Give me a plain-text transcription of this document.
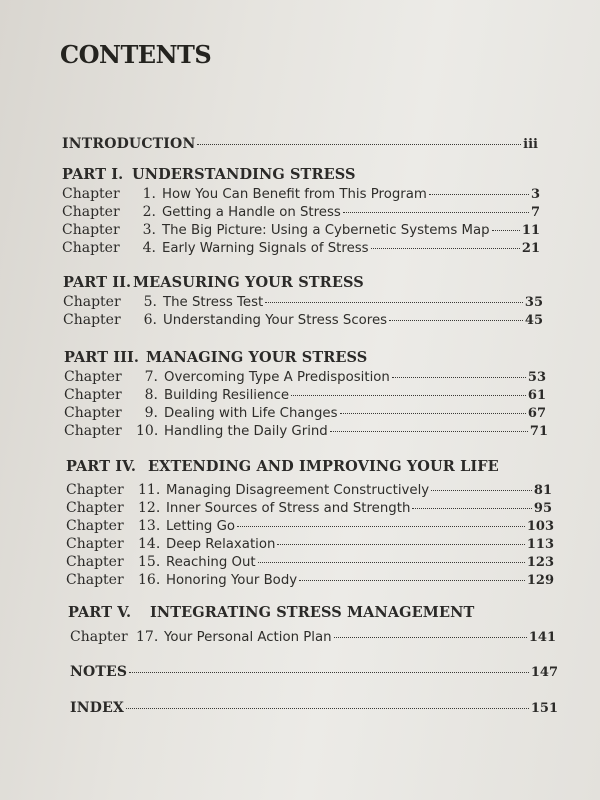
CONTENTS
INTRODUCTION	iii
PART I. UNDERSTANDING STRESS
Chapter	1. How You Can Benefit from This Program	3
Chapter	2. Getting a Handle on Stress	7
Chapter	3. The Big Picture: Using a Cybernetic Systems Map 11
Chapter	4. Early Warning Signals of Stress	21
PART II. MEASURING YOUR STRESS
Chapter	5. The Stress Test	35
Chapter	6. Understanding Your Stress Scores	45
PART III. MANAGING YOUR STRESS
Chapter	7. Overcoming Type A Predisposition	53
Chapter	8. Building Resilience	61
Chapter	9. Dealing with Life Changes	67
Chapter	10. Handling the Daily Grind	71
PART IV. EXTENDING AND IMPROVING YOUR LIFE
Chapter	11. Managing Disagreement Constructively	81
Chapter	12. Inner Sources of Stress and Strength	95
Chapter	13. Letting Go	103
Chapter	14. Deep Relaxation	113
Chapter	15. Reaching Out	123
Chapter	16. Honoring Your Body	129
PART V. INTEGRATING STRESS MANAGEMENT
Chapter 17. Your Personal Action Plan	141
NOTES	147
INDEX	151
